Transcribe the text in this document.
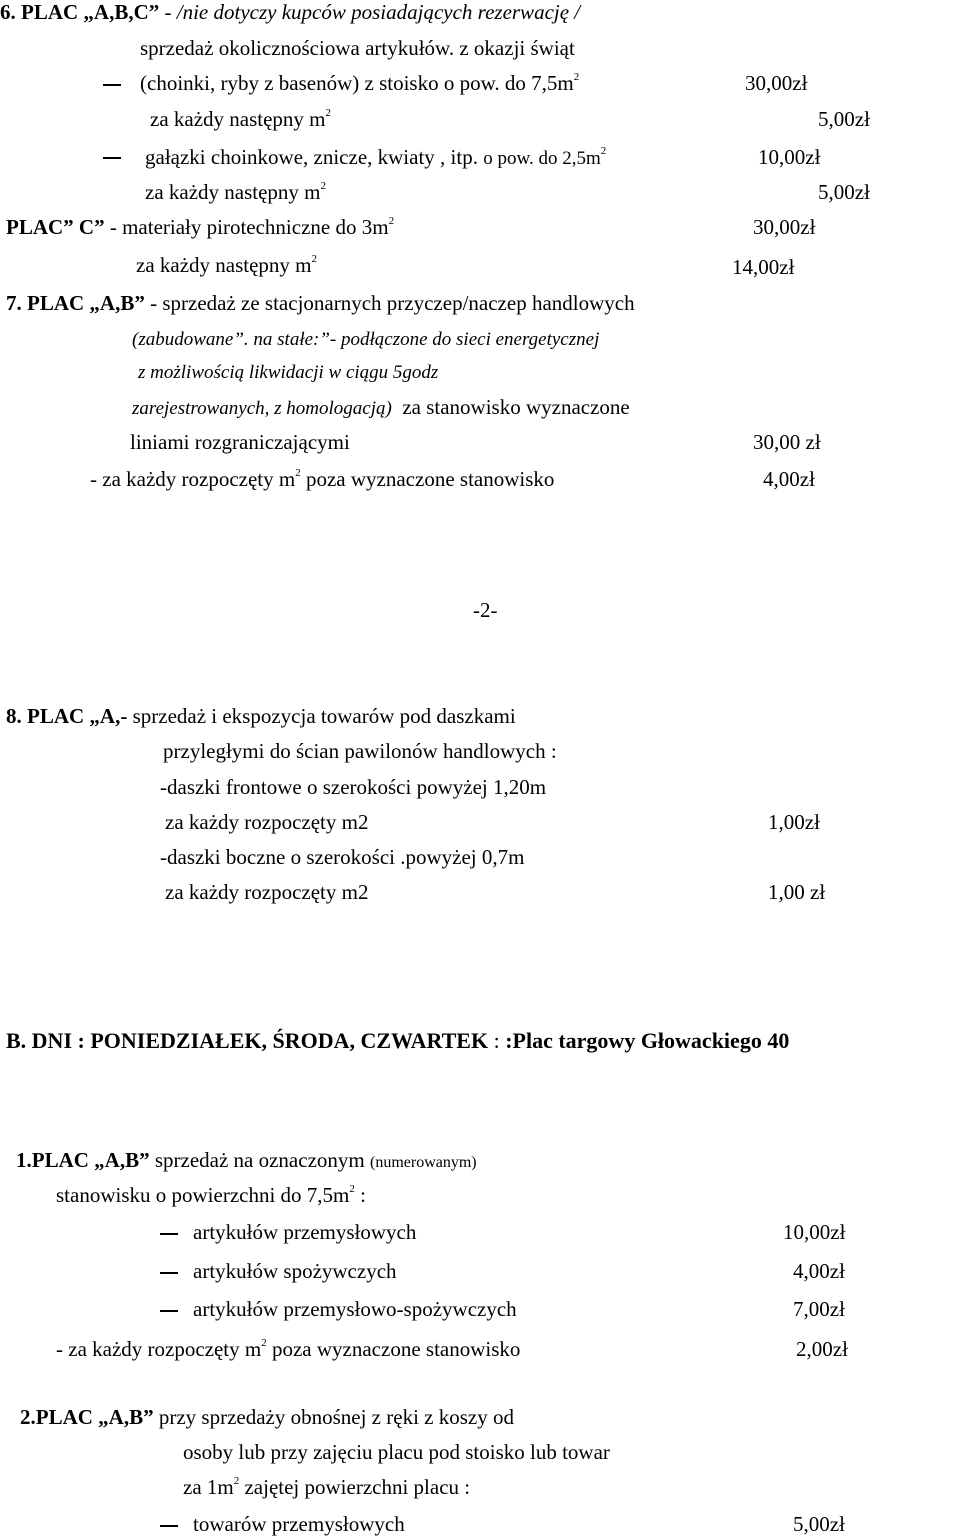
6. PLAC „A,B,C” - /nie dotyczy kupców posiadających rezerwację /
sprzedaż okolicznościowa artykułów. z okazji świąt
(choinki, ryby z basenów) z stoisko o pow. do $7,5m^2$	30,00zł
za każdy następny $m^2$	5,00zł
gałązki choinkowe, znicze, kwiaty , itp. o pow. do $2,5m^2$	10,00zł
za każdy następny $m^2$	5,00zł
PLAC” C” - materiały pirotechniczne do $3m^2$	30,00zł
za każdy następny $m^2$	14,00zł
7. PLAC „A,B” - sprzedaż ze stacjonarnych przyczep/naczep handlowych
(zabudowane”. na stałe:”- podłączone do sieci energetycznej
z możliwością likwidacji w ciągu 5godz
zarejestrowanych, z homologacją) za stanowisko wyznaczone
liniami rozgraniczającymi	30,00 zł
- za każdy rozpoczęty $m^2$ poza wyznaczone stanowisko	4,00zł
-2-
8. PLAC „A,- sprzedaż i ekspozycja towarów pod daszkami
przyległymi do ścian pawilonów handlowych :
-daszki frontowe o szerokości powyżej 1,20m
za każdy rozpoczęty m2	1,00zł
-daszki boczne o szerokości .powyżej 0,7m
za każdy rozpoczęty m2	1,00 zł
B. DNI : PONIEDZIAŁEK, ŚRODA, CZWARTEK : :Plac targowy Głowackiego 40
1.PLAC „A,B” sprzedaż na oznaczonym (numerowanym)
stanowisku o powierzchni do $7,5m^2$ :
artykułów przemysłowych	10,00zł
artykułów spożywczych	4,00zł
artykułów przemysłowo-spożywczych	7,00zł
- za każdy rozpoczęty $m^2$ poza wyznaczone stanowisko	2,00zł
2.PLAC „A,B” przy sprzedaży obnośnej z ręki z koszy od
osoby lub przy zajęciu placu pod stoisko lub towar
za $1m^2$ zajętej powierzchni placu :
towarów przemysłowych	5,00zł
